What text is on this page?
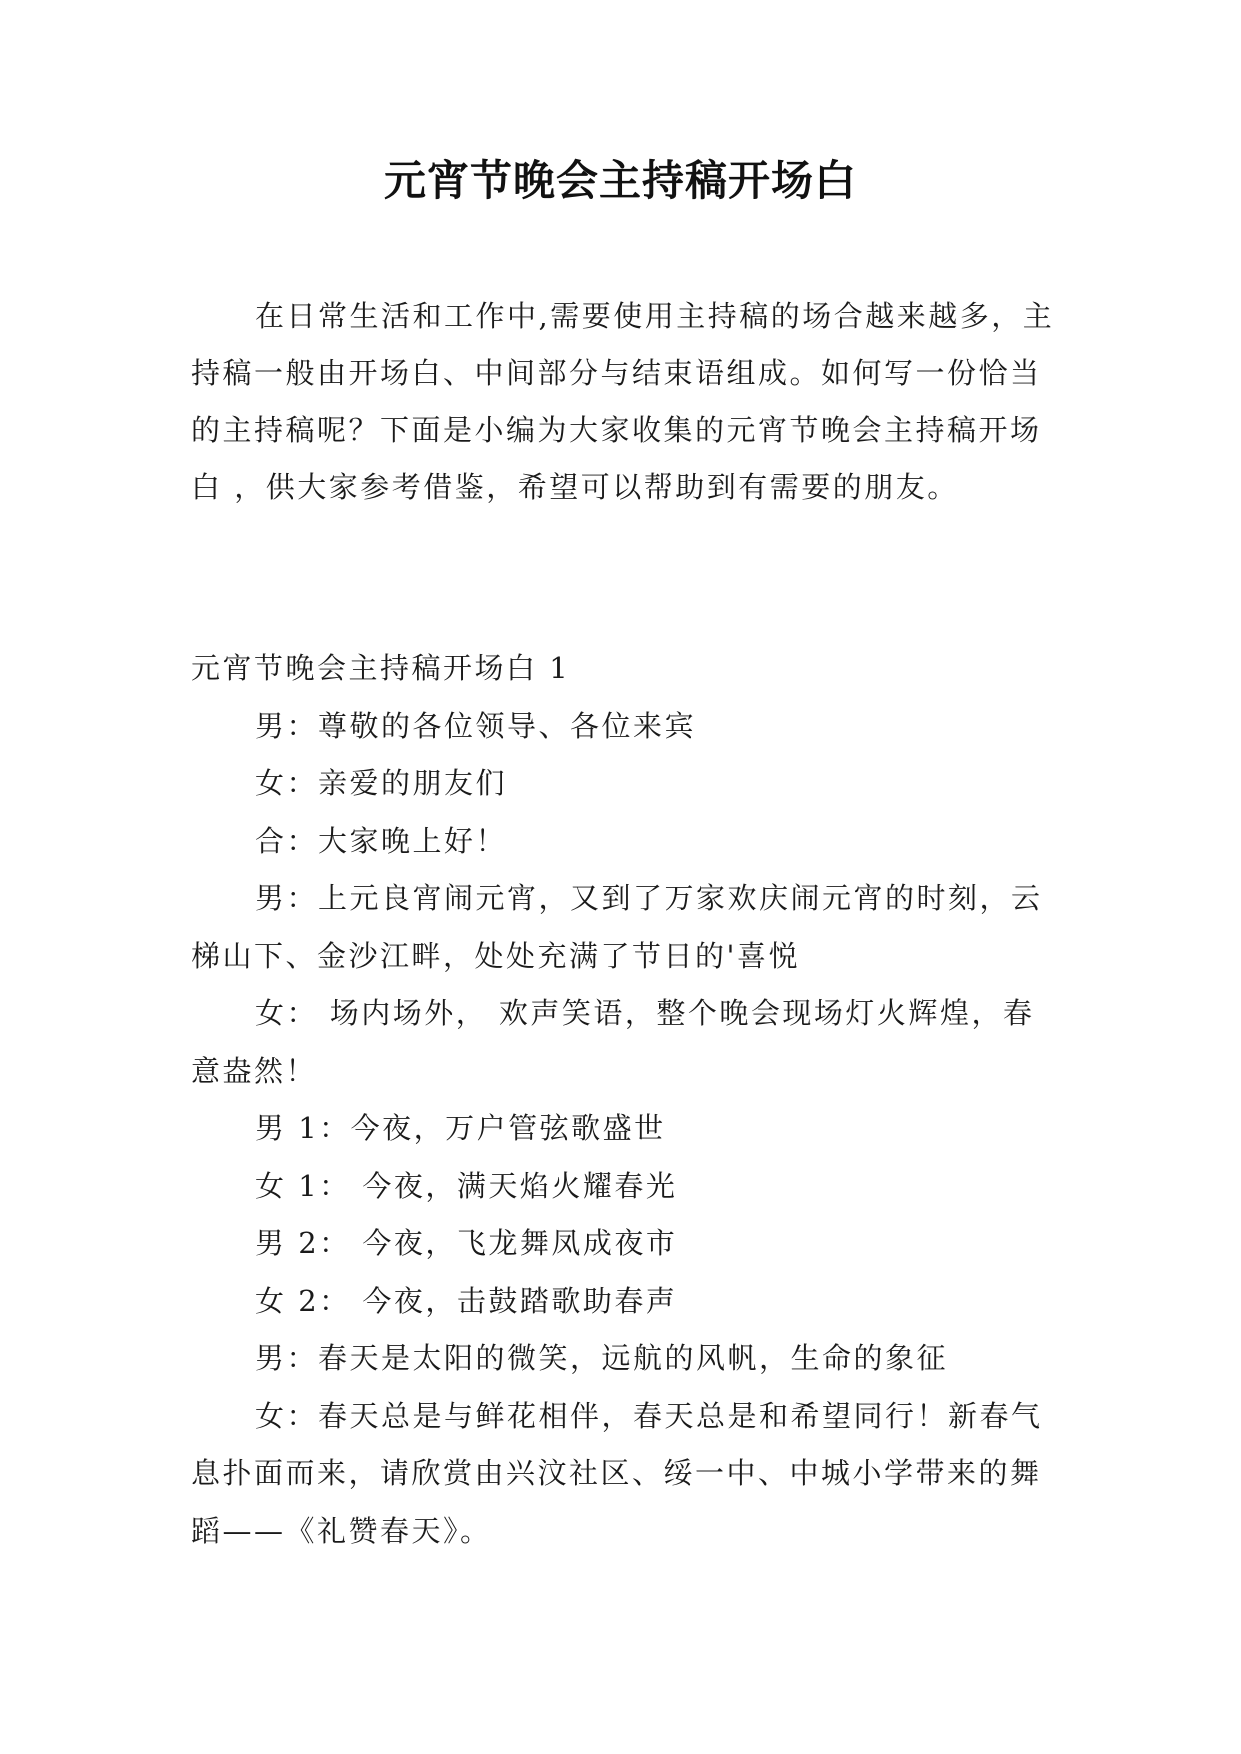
元宵节晚会主持稿开场白

在日常生活和工作中,需要使用主持稿的场合越来越多，主持稿一般由开场白、中间部分与结束语组成。如何写一份恰当的主持稿呢？下面是小编为大家收集的元宵节晚会主持稿开场白 ，供大家参考借鉴，希望可以帮助到有需要的朋友。

元宵节晚会主持稿开场白 1

男：尊敬的各位领导、各位来宾

女：亲爱的朋友们

合：大家晚上好！

男：上元良宵闹元宵，又到了万家欢庆闹元宵的时刻，云梯山下、金沙江畔，处处充满了节日的'喜悦

女： 场内场外， 欢声笑语，整个晚会现场灯火辉煌，春意盎然！

男 1：今夜，万户管弦歌盛世

女 1： 今夜，满天焰火耀春光

男 2： 今夜，飞龙舞凤成夜市

女 2： 今夜，击鼓踏歌助春声

男：春天是太阳的微笑，远航的风帆，生命的象征

女：春天总是与鲜花相伴，春天总是和希望同行！新春气息扑面而来，请欣赏由兴汶社区、绥一中、中城小学带来的舞蹈——《礼赞春天》。
